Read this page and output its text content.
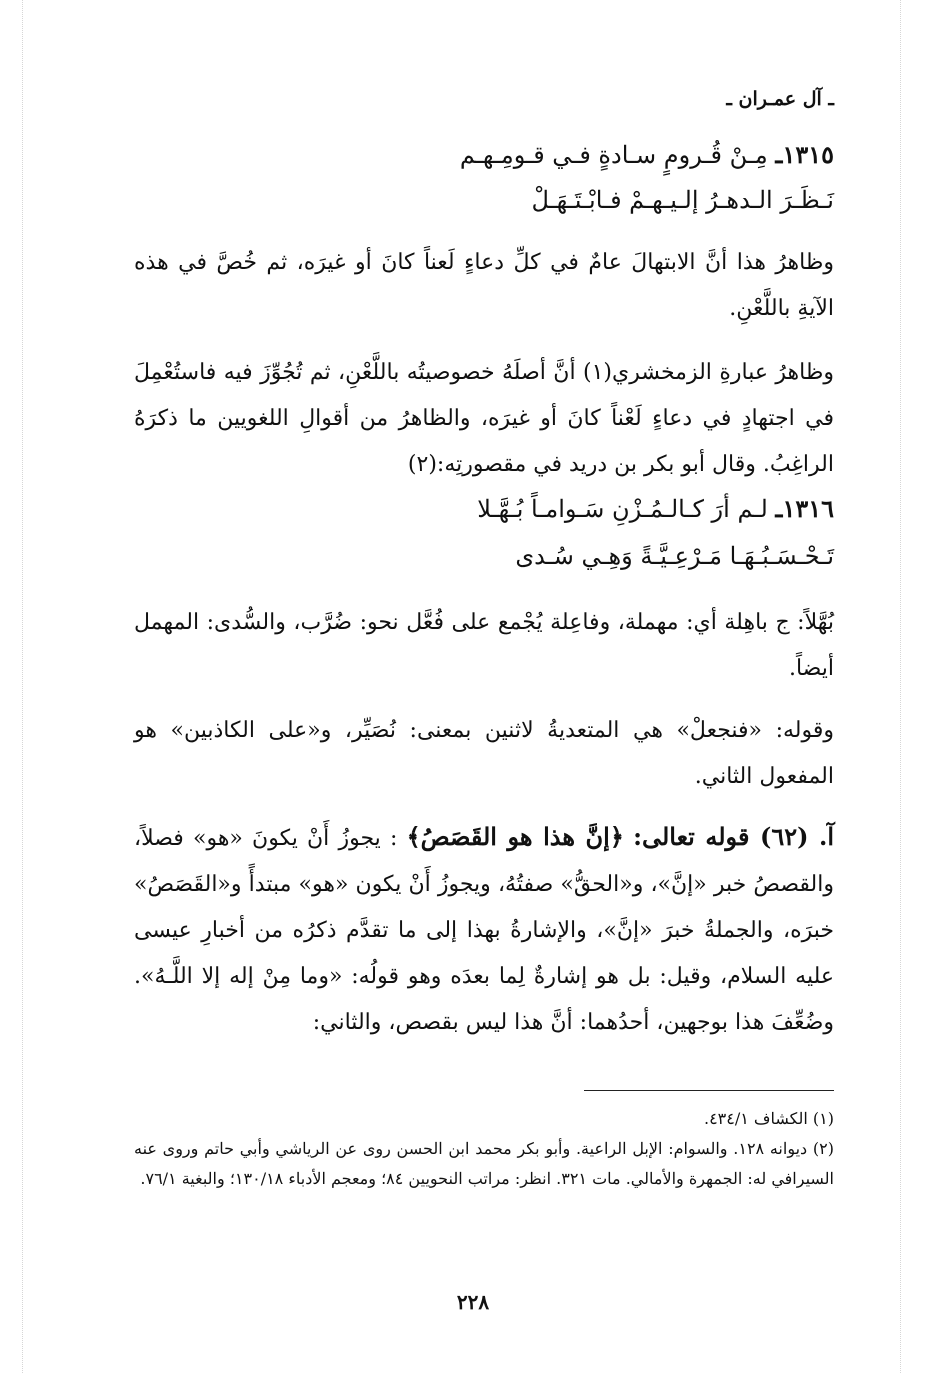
ـ آل عمـران ـ
١٣١٥ـ مِـنْ قُـرومٍ سـادةٍ فـي قـومِـهـم
نَـظَـرَ الـدهـرُ إلـيـهـمْ فـابْـتَـهَـلْ
وظاهرُ هذا أنَّ الابتهالَ عامٌ في كلِّ دعاءٍ لَعناً كانَ أو غيرَه، ثم خُصَّ في هذه الآيةِ باللَّعْنِ.
وظاهرُ عبارةِ الزمخشري(١) أنَّ أصلَهُ خصوصيتُه باللَّعْنِ، ثم تُجُوِّزَ فيه فاستُعْمِلَ في اجتهادٍ في دعاءٍ لَعْناً كانَ أو غيرَه، والظاهرُ من أقوالِ اللغويين ما ذكرَهُ الراغِبُ. وقال أبو بكر بن دريد في مقصورتِه:(٢)
١٣١٦ـ لـم أرَ كـالـمُـزْنِ سَـوامـاً بُـهَّـلا
تَـحْـسَـبُـهَـا مَـرْعِـيَّـةً وَهِـي سُـدى
بُهَّلاً: ج باهِلة أي: مهملة، وفاعِلة يُجْمع على فُعَّل نحو: ضُرَّب، والسُّدى: المهمل أيضاً.
وقوله: «فنجعلْ» هي المتعديةُ لاثنين بمعنى: نُصَيِّر، و«على الكاذبين» هو المفعول الثاني.
آ. (٦٢) قوله تعالى: ﴿إنَّ هذا هو القَصَصُ﴾ : يجوزُ أَنْ يكونَ «هو» فصلاً، والقصصُ خبر «إنَّ»، و«الحقُّ» صفتُهُ، ويجوزُ أَنْ يكون «هو» مبتدأً و«القَصَصُ» خبرَه، والجملةُ خبرَ «إنَّ»، والإشارةُ بهذا إلى ما تقدَّم ذكرُه من أخبارِ عيسى عليه السلام، وقيل: بل هو إشارةٌ لِما بعدَه وهو قولُه: «وما مِنْ إله إلا اللَّـهُ». وضُعِّفَ هذا بوجهين، أحدُهما: أنَّ هذا ليس بقصص، والثاني:

(١) الكشاف ٤٣٤/١.

(٢) ديوانه ١٢٨. والسوام: الإبل الراعية. وأبو بكر محمد ابن الحسن روى عن الرياشي وأبي حاتم وروى عنه السيرافي له: الجمهرة والأمالي. مات ٣٢١. انظر: مراتب النحويين ٨٤؛ ومعجم الأدباء ١٣٠/١٨؛ والبغية ٧٦/١.

٢٢٨
